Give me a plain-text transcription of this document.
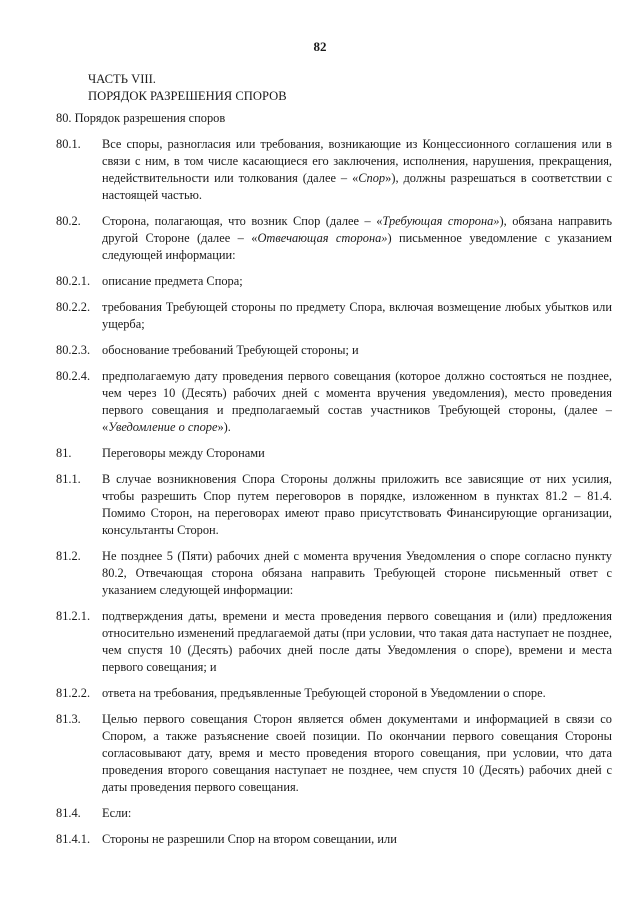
82
ЧАСТЬ VIII.
ПОРЯДОК РАЗРЕШЕНИЯ СПОРОВ
80. Порядок разрешения споров
80.1.	Все споры, разногласия или требования, возникающие из Концессионного соглашения или в связи с ним, в том числе касающиеся его заключения, исполнения, нарушения, прекращения, недействительности или толкования (далее – «Спор»), должны разрешаться в соответствии с настоящей частью.
80.2.	Сторона, полагающая, что возник Спор (далее – «Требующая сторона»), обязана направить другой Стороне (далее – «Отвечающая сторона») письменное уведомление с указанием следующей информации:
80.2.1. описание предмета Спора;
80.2.2. требования Требующей стороны по предмету Спора, включая возмещение любых убытков или ущерба;
80.2.3. обоснование требований Требующей стороны; и
80.2.4. предполагаемую дату проведения первого совещания (которое должно состояться не позднее, чем через 10 (Десять) рабочих дней с момента вручения уведомления), место проведения первого совещания и предполагаемый состав участников Требующей стороны, (далее – «Уведомление о споре»).
81.	Переговоры между Сторонами
81.1.	В случае возникновения Спора Стороны должны приложить все зависящие от них усилия, чтобы разрешить Спор путем переговоров в порядке, изложенном в пунктах 81.2 – 81.4. Помимо Сторон, на переговорах имеют право присутствовать Финансирующие организации, консультанты Сторон.
81.2.	Не позднее 5 (Пяти) рабочих дней с момента вручения Уведомления о споре согласно пункту 80.2, Отвечающая сторона обязана направить Требующей стороне письменный ответ с указанием следующей информации:
81.2.1. подтверждения даты, времени и места проведения первого совещания и (или) предложения относительно изменений предлагаемой даты (при условии, что такая дата наступает не позднее, чем спустя 10 (Десять) рабочих дней после даты Уведомления о споре), времени и места первого совещания; и
81.2.2. ответа на требования, предъявленные Требующей стороной в Уведомлении о споре.
81.3.	Целью первого совещания Сторон является обмен документами и информацией в связи со Спором, а также разъяснение своей позиции. По окончании первого совещания Стороны согласовывают дату, время и место проведения второго совещания, при условии, что дата проведения второго совещания наступает не позднее, чем спустя 10 (Десять) рабочих дней с даты проведения первого совещания.
81.4.	Если:
81.4.1. Стороны не разрешили Спор на втором совещании, или
